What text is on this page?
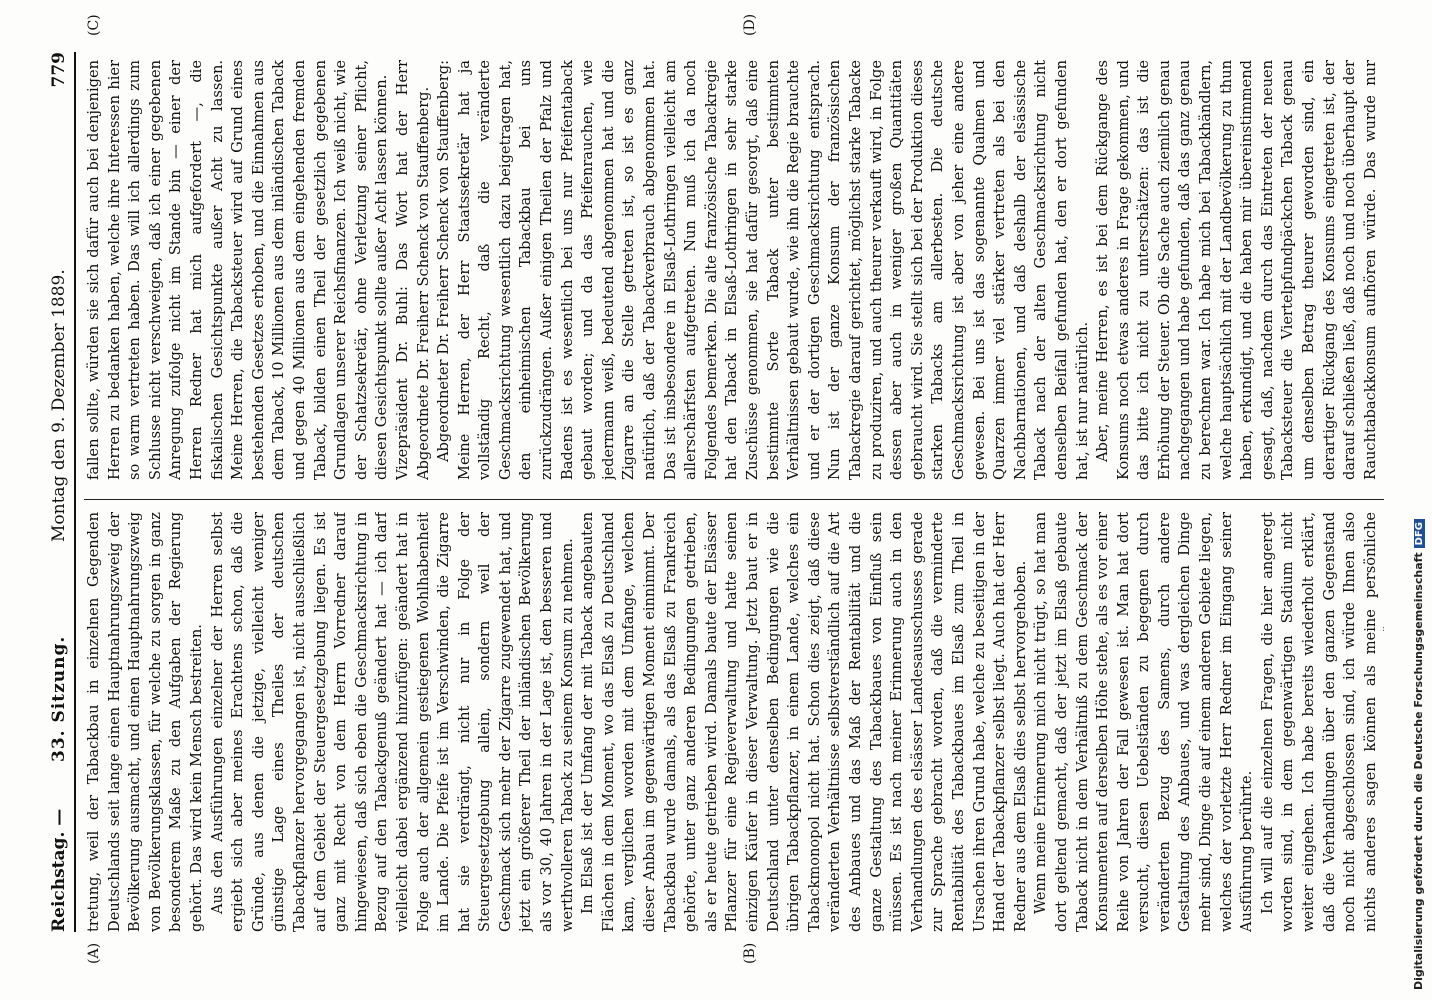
Reichstag. —
33. Sitzung.
Montag den 9. Dezember 1889.
779
(A)	(B)
(C)	(D)

tretung, weil der Tabackbau in einzelnen Gegenden Deutschlands seit lange einen Hauptnahrungszweig der Bevölkerung ausmacht, und einen Hauptnahrungszweig von Bevölkerungsklassen, für welche zu sorgen in ganz besonderem Maße zu den Aufgaben der Regierung gehört. Das wird kein Mensch bestreiten. Aus den Ausführungen einzelner der Herren selbst ergiebt sich aber meines Erachtens schon, daß die Gründe, aus denen die jetzige, vielleicht weniger günstige Lage eines Theiles der deutschen Tabackpflanzer hervorgegangen ist, nicht ausschließlich auf dem Gebiet der Steuergesetzgebung liegen. Es ist ganz mit Recht von dem Herrn Vorredner darauf hingewiesen, daß sich eben die Geschmacksrichtung in Bezug auf den Tabackgenuß geändert hat — ich darf vielleicht dabei ergänzend hinzufügen: geändert hat in Folge auch der allgemein gestiegenen Wohlhabenheit im Lande. Die Pfeife ist im Verschwinden, die Zigarre hat sie verdrängt, nicht nur in Folge der Steuergesetzgebung allein, sondern weil der Geschmack sich mehr der Zigarre zugewendet hat, und jetzt ein größerer Theil der inländischen Bevölkerung als vor 30, 40 Jahren in der Lage ist, den besseren und werthvolleren Taback zu seinem Konsum zu nehmen. Im Elsaß ist der Umfang der mit Taback angebauten Flächen in dem Moment, wo das Elsaß zu Deutschland kam, verglichen worden mit dem Umfange, welchen dieser Anbau im gegenwärtigen Moment einnimmt. Der Tabackbau wurde damals, als das Elsaß zu Frankreich gehörte, unter ganz anderen Bedingungen getrieben, als er heute getrieben wird. Damals baute der Elsässer Pflanzer für eine Regieverwaltung und hatte seinen einzigen Käufer in dieser Verwaltung. Jetzt baut er in Deutschland unter denselben Bedingungen wie die übrigen Tabackpflanzer, in einem Lande, welches ein Tabackmonopol nicht hat. Schon dies zeigt, daß diese veränderten Verhältnisse selbstverständlich auf die Art des Anbaues und das Maß der Rentabilität und die ganze Gestaltung des Tabackbaues von Einfluß sein müssen. Es ist nach meiner Erinnerung auch in den Verhandlungen des elsässer Landesausschusses gerade zur Sprache gebracht worden, daß die verminderte Rentabilität des Tabackbaues im Elsaß zum Theil in Ursachen ihren Grund habe, welche zu beseitigen in der Hand der Tabackpflanzer selbst liegt. Auch hat der Herr Redner aus dem Elsaß dies selbst hervorgehoben. Wenn meine Erinnerung mich nicht trügt, so hat man dort geltend gemacht, daß der jetzt im Elsaß gebaute Taback nicht in dem Verhältniß zu dem Geschmack der Konsumenten auf derselben Höhe stehe, als es vor einer Reihe von Jahren der Fall gewesen ist. Man hat dort versucht, diesen Uebelständen zu begegnen durch veränderten Bezug des Samens, durch andere Gestaltung des Anbaues, und was dergleichen Dinge mehr sind, Dinge die auf einem anderen Gebiete liegen, welches der vorletzte Herr Redner im Eingang seiner Ausführung berührte. Ich will auf die einzelnen Fragen, die hier angeregt worden sind, in dem gegenwärtigen Stadium nicht weiter eingehen. Ich habe bereits wiederholt erklärt, daß die Verhandlungen über den ganzen Gegenstand noch nicht abgeschlossen sind, ich würde Ihnen also nichts anderes sagen können als meine persönliche

fallen sollte, würden sie sich dafür auch bei denjenigen Herren zu bedanken haben, welche ihre Interessen hier so warm vertreten haben. Das will ich allerdings zum Schlusse nicht verschweigen, daß ich einer gegebenen Anregung zufolge nicht im Stande bin — einer der Herren Redner hat mich aufgefordert —, die fiskalischen Gesichtspunkte außer Acht zu lassen. Meine Herren, die Tabacksteuer wird auf Grund eines bestehenden Gesetzes erhoben, und die Einnahmen aus dem Taback, 10 Millionen aus dem inländischen Taback und gegen 40 Millionen aus dem eingehenden fremden Taback, bilden einen Theil der gesetzlich gegebenen Grundlagen unserer Reichsfinanzen. Ich weiß nicht, wie der Schatzsekretär, ohne Verletzung seiner Pflicht, diesen Gesichtspunkt sollte außer Acht lassen können. Vizepräsident Dr. Buhl: Das Wort hat der Herr Abgeordnete Dr. Freiherr Schenck von Stauffenberg. Abgeordneter Dr. Freiherr Schenck von Stauffenberg: Meine Herren, der Herr Staatssekretär hat ja vollständig Recht, daß die veränderte Geschmacksrichtung wesentlich dazu beigetragen hat, den einheimischen Tabackbau bei uns zurückzudrängen. Außer einigen Theilen der Pfalz und Badens ist es wesentlich bei uns nur Pfeifentaback gebaut worden; und da das Pfeifenrauchen, wie jedermann weiß, bedeutend abgenommen hat und die Zigarre an die Stelle getreten ist, so ist es ganz natürlich, daß der Tabackverbrauch abgenommen hat. Das ist insbesondere in Elsaß-Lothringen vielleicht am allerschärfsten aufgetreten. Nun muß ich da noch Folgendes bemerken. Die alte französische Tabackregie hat den Taback in Elsaß-Lothringen in sehr starke Zuschüsse genommen, sie hat dafür gesorgt, daß eine bestimmte Sorte Taback unter bestimmten Verhältnissen gebaut wurde, wie ihn die Regie brauchte und er der dortigen Geschmacksrichtung entsprach. Nun ist der ganze Konsum der französischen Tabackregie darauf gerichtet, möglichst starke Tabacke zu produziren, und auch theurer verkauft wird, in Folge dessen aber auch in weniger großen Quantitäten gebraucht wird. Sie stellt sich bei der Produktion dieses starken Tabacks am allerbesten. Die deutsche Geschmacksrichtung ist aber von jeher eine andere gewesen. Bei uns ist das sogenannte Qualmen und Quarzen immer viel stärker vertreten als bei den Nachbarnationen, und daß deshalb der elsässische Taback nach der alten Geschmacksrichtung nicht denselben Beifall gefunden hat, den er dort gefunden hat, ist nur natürlich. Aber, meine Herren, es ist bei dem Rückgange des Konsums noch etwas anderes in Frage gekommen, und das bitte ich nicht zu unterschätzen: das ist die Erhöhung der Steuer. Ob die Sache auch ziemlich genau nachgegangen und habe gefunden, daß das ganz genau zu berechnen war. Ich habe mich bei Tabackhändlern, welche hauptsächlich mit der Landbevölkerung zu thun haben, erkundigt, und die haben mir übereinstimmend gesagt, daß, nachdem durch das Eintreten der neuen Tabacksteuer die Viertelpfundpäckchen Taback genau um denselben Betrag theurer geworden sind, ein derartiger Rückgang des Konsums eingetreten ist, der darauf schließen ließ, daß noch und noch überhaupt der Rauchtabackkonsum aufhören würde. Das wurde nur

Digitalisierung gefördert durch die Deutsche ForschungsgemeinschaftDFG
